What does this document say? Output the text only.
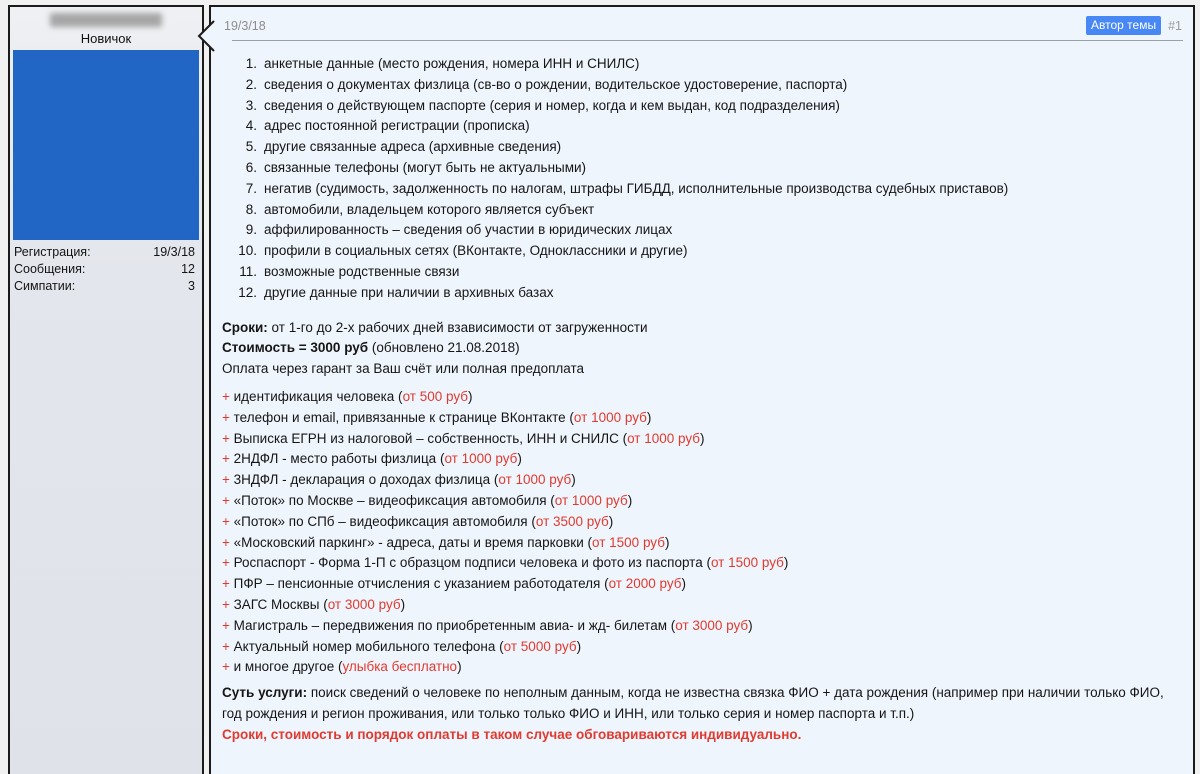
Новичок
Регистрация:	19/3/18
Сообщения:	12
Симпатии:	3
19/3/18	Автор темы #1
1. анкетные данные (место рождения, номера ИНН и СНИЛС)
2. сведения о документах физлица (св-во о рождении, водительское удостоверение, паспорта)
3. сведения о действующем паспорте (серия и номер, когда и кем выдан, код подразделения)
4. адрес постоянной регистрации (прописка)
5. другие связанные адреса (архивные сведения)
6. связанные телефоны (могут быть не актуальными)
7. негатив (судимость, задолженность по налогам, штрафы ГИБДД, исполнительные производства судебных приставов)
8. автомобили, владельцем которого является субъект
9. аффилированность – сведения об участии в юридических лицах
10. профили в социальных сетях (ВКонтакте, Одноклассники и другие)
11. возможные родственные связи
12. другие данные при наличии в архивных базах
Сроки: от 1-го до 2-х рабочих дней взависимости от загруженности
Стоимость = 3000 руб (обновлено 21.08.2018)
Оплата через гарант за Ваш счёт или полная предоплата
+ идентификация человека (от 500 руб)
+ телефон и email, привязанные к странице ВКонтакте (от 1000 руб)
+ Выписка ЕГРН из налоговой – собственность, ИНН и СНИЛС (от 1000 руб)
+ 2НДФЛ - место работы физлица (от 1000 руб)
+ 3НДФЛ - декларация о доходах физлица (от 1000 руб)
+ «Поток» по Москве – видеофиксация автомобиля (от 1000 руб)
+ «Поток» по СПб – видеофиксация автомобиля (от 3500 руб)
+ «Московский паркинг» - адреса, даты и время парковки (от 1500 руб)
+ Роспаспорт - Форма 1-П с образцом подписи человека и фото из паспорта (от 1500 руб)
+ ПФР – пенсионные отчисления с указанием работодателя (от 2000 руб)
+ ЗАГС Москвы (от 3000 руб)
+ Магистраль – передвижения по приобретенным авиа- и жд- билетам (от 3000 руб)
+ Актуальный номер мобильного телефона (от 5000 руб)
+ и многое другое (улыбка бесплатно)
Суть услуги: поиск сведений о человеке по неполным данным, когда не известна связка ФИО + дата рождения (например при наличии только ФИО, год рождения и регион проживания, или только только ФИО и ИНН, или только серия и номер паспорта и т.п.)
Сроки, стоимость и порядок оплаты в таком случае обговариваются индивидуально.
